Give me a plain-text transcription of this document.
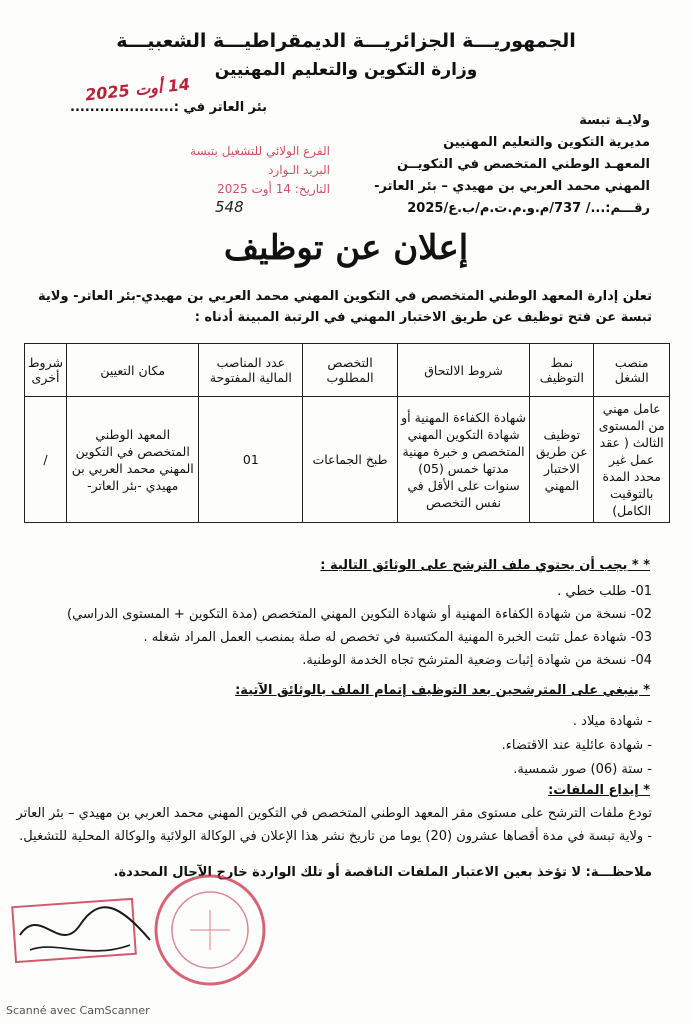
الجمهوريـــة الجزائريـــة الديمقراطيـــة الشعبيـــة
وزارة التكوين والتعليم المهنيين
14 أوت 2025
بئر العاتر في :.....................
ولايـة تبسة
مديرية التكوين والتعليم المهنيين
المعهـد الوطني المتخصص في التكويــن
المهني محمد العربي بن مهيدي – بئر العاتر-
رقـــم:.../ 737/م.و.م.ت.م/ب.ع/2025
الفرع الولائي للتشغيل بتبسة
البريد الـوارد
التاريخ: 14 أوت 2025
548
إعلان عن توظيف
تعلن إدارة المعهد الوطني المتخصص في التكوين المهني محمد العربي بن مهيدي-بئر العاتر- ولاية تبسة عن فتح توظيف عن طريق الاختبار المهني في الرتبة المبينة أدناه :
منصب الشغل	نمط التوظيف	شروط الالتحاق	التخصص المطلوب	عدد المناصب المالية المفتوحة	مكان التعيين	شروط أخرى
عامل مهني من المستوى الثالث ( عقد عمل غير محدد المدة بالتوقيت الكامل)	توظيف عن طريق الاختبار المهني	شهادة الكفاءة المهنية أو شهادة التكوين المهني المتخصص و خبرة مهنية مدتها خمس (05) سنوات على الأقل في نفس التخصص	طبخ الجماعات	01	المعهد الوطني المتخصص في التكوين المهني محمد العربي بن مهيدي -بئر العاتر-	/
* * يجب أن يحتوي ملف الترشح على الوثائق التالية :
01- طلب خطي .
02- نسخة من شهادة الكفاءة المهنية أو شهادة التكوين المهني المتخصص (مدة التكوين + المستوى الدراسي)
03- شهادة عمل تثبت الخبرة المهنية المكتسبة في تخصص له صلة بمنصب العمل المراد شغله .
04- نسخة من شهادة إثبات وضعية المترشح تجاه الخدمة الوطنية.
* ينبغي على المترشحين بعد التوظيف إتمام الملف بالوثائق الآتية:
- شهادة ميلاد .
- شهادة عائلية عند الاقتضاء.
- ستة (06) صور شمسية.
* إيداع الملفات:
تودع ملفات الترشح على مستوى مقر المعهد الوطني المتخصص في التكوين المهني محمد العربي بن مهيدي – بئر العاتر - ولاية تبسة في مدة أقصاها عشرون (20) يوما من تاريخ نشر هذا الإعلان في الوكالة الولائية والوكالة المحلية للتشغيل.
ملاحظـــة: لا تؤخذ بعين الاعتبار الملفات الناقصة أو تلك الواردة خارج الآجال المحددة.
Scanné avec CamScanner
